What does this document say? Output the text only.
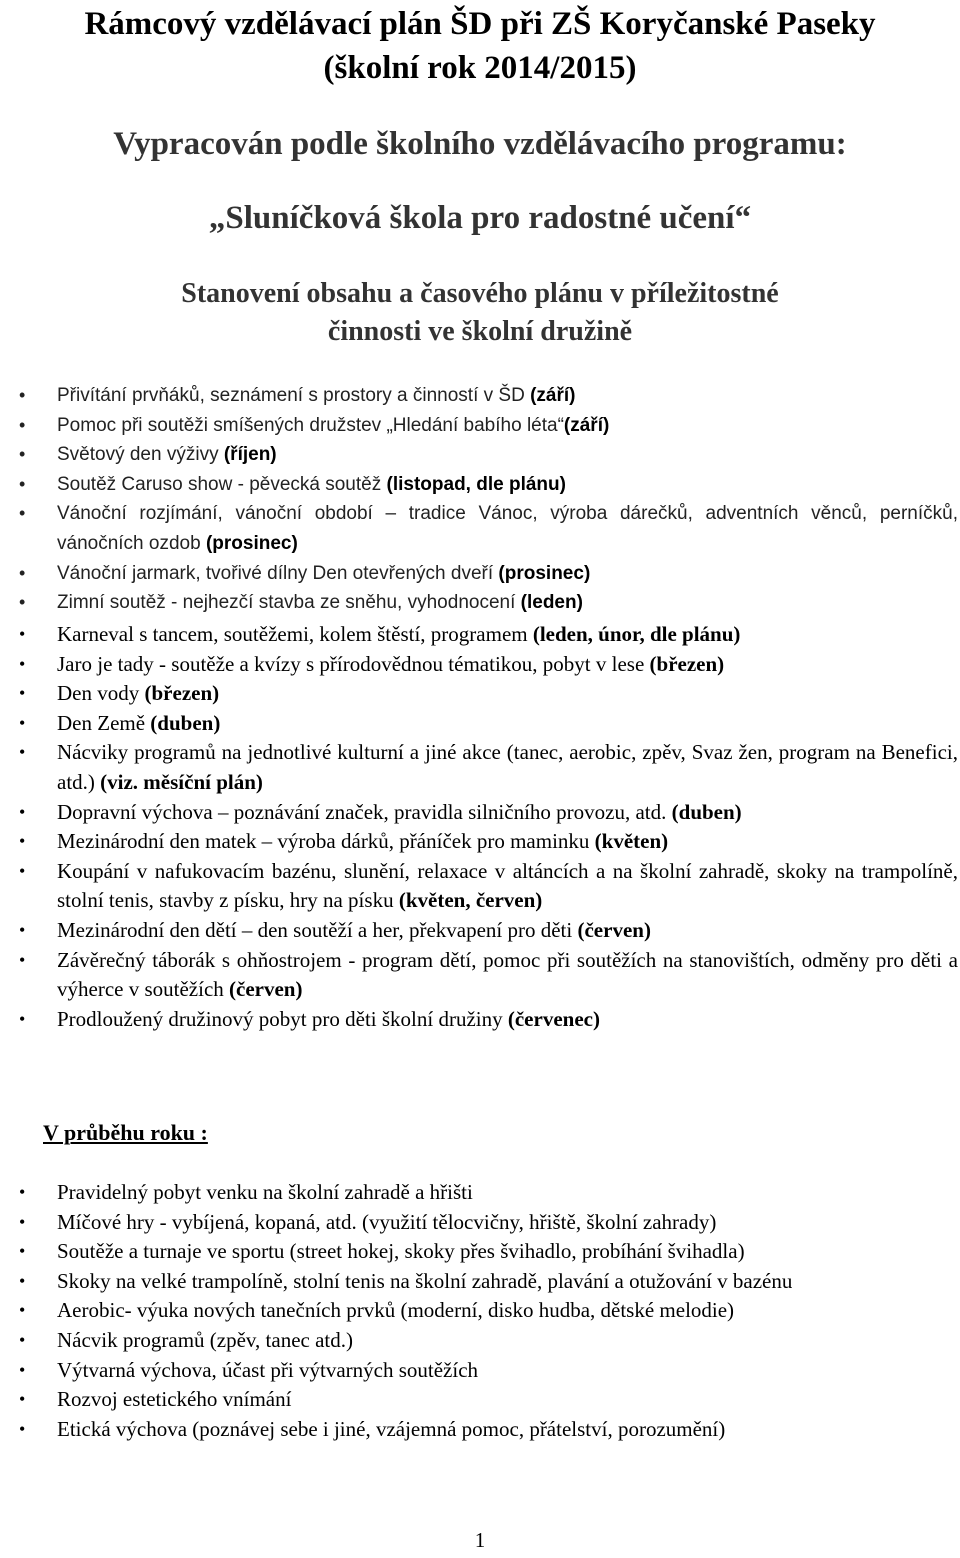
Rámcový vzdělávací plán ŠD při ZŠ Koryčanské Paseky
(školní rok 2014/2015)
Vypracován podle školního vzdělávacího programu:
„Sluníčková škola pro radostné učení“
Stanovení obsahu a časového plánu v příležitostné
činnosti ve školní družině
• Přivítání prvňáků, seznámení s prostory a činností v ŠD (září)
• Pomoc při soutěži smíšených družstev „Hledání babího léta“(září)
• Světový den výživy (říjen)
• Soutěž Caruso show - pěvecká soutěž (listopad, dle plánu)
• Vánoční rozjímání, vánoční období – tradice Vánoc, výroba dárečků, adventních věnců, perníčků, vánočních ozdob (prosinec)
• Vánoční jarmark, tvořivé dílny Den otevřených dveří (prosinec)
• Zimní soutěž - nejhezčí stavba ze sněhu, vyhodnocení (leden)
• Karneval s tancem, soutěžemi, kolem štěstí, programem (leden, únor, dle plánu)
• Jaro je tady - soutěže a kvízy s přírodovědnou tématikou, pobyt v lese (březen)
• Den vody (březen)
• Den Země (duben)
• Nácviky programů na jednotlivé kulturní a jiné akce (tanec, aerobic, zpěv, Svaz žen, program na Benefici, atd.) (viz. měsíční plán)
• Dopravní výchova – poznávání značek, pravidla silničního provozu, atd. (duben)
• Mezinárodní den matek – výroba dárků, přáníček pro maminku (květen)
• Koupání v nafukovacím bazénu, slunění, relaxace v altáncích a na školní zahradě, skoky na trampolíně, stolní tenis, stavby z písku, hry na písku (květen, červen)
• Mezinárodní den dětí – den soutěží a her, překvapení pro děti (červen)
• Závěrečný táborák s ohňostrojem - program dětí, pomoc při soutěžích na stanovištích, odměny pro děti a výherce v soutěžích (červen)
• Prodloužený družinový pobyt pro děti školní družiny (červenec)

V průběhu roku :

• Pravidelný pobyt venku na školní zahradě a hřišti
• Míčové hry - vybíjená, kopaná, atd. (využití tělocvičny, hřiště, školní zahrady)
• Soutěže a turnaje ve sportu (street hokej, skoky přes švihadlo, probíhání švihadla)
• Skoky na velké trampolíně, stolní tenis na školní zahradě, plavání a otužování v bazénu
• Aerobic- výuka nových tanečních prvků (moderní, disko hudba, dětské melodie)
• Nácvik programů (zpěv, tanec atd.)
• Výtvarná výchova, účast při výtvarných soutěžích
• Rozvoj estetického vnímání
• Etická výchova (poznávej sebe i jiné, vzájemná pomoc, přátelství, porozumění)
1
